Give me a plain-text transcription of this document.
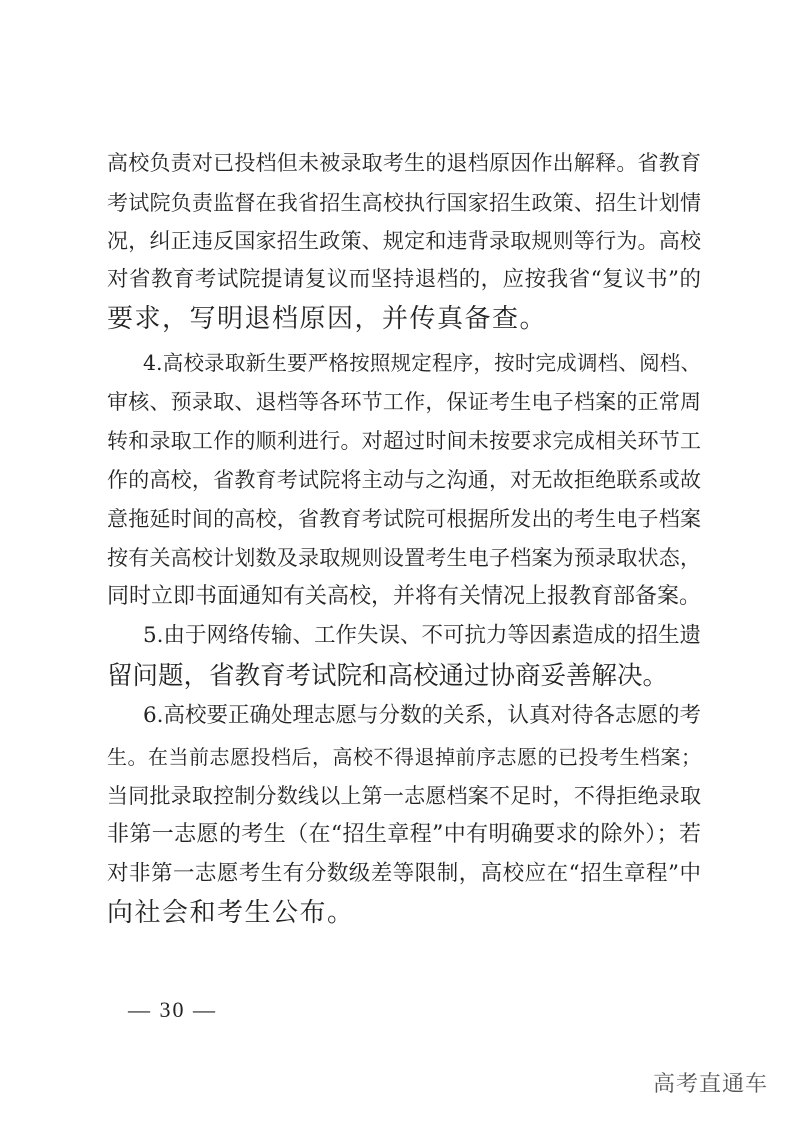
高校负责对已投档但未被录取考生的退档原因作出解释。省教育
考试院负责监督在我省招生高校执行国家招生政策、招生计划情
况，纠正违反国家招生政策、规定和违背录取规则等行为。高校
对省教育考试院提请复议而坚持退档的，应按我省“复议书”的
要求，写明退档原因，并传真备查。
4.高校录取新生要严格按照规定程序，按时完成调档、阅档、
审核、预录取、退档等各环节工作，保证考生电子档案的正常周
转和录取工作的顺利进行。对超过时间未按要求完成相关环节工
作的高校，省教育考试院将主动与之沟通，对无故拒绝联系或故
意拖延时间的高校，省教育考试院可根据所发出的考生电子档案
按有关高校计划数及录取规则设置考生电子档案为预录取状态，
同时立即书面通知有关高校，并将有关情况上报教育部备案。
5.由于网络传输、工作失误、不可抗力等因素造成的招生遗
留问题，省教育考试院和高校通过协商妥善解决。
6.高校要正确处理志愿与分数的关系，认真对待各志愿的考
生。在当前志愿投档后，高校不得退掉前序志愿的已投考生档案；
当同批录取控制分数线以上第一志愿档案不足时，不得拒绝录取
非第一志愿的考生（在“招生章程”中有明确要求的除外）；若
对非第一志愿考生有分数级差等限制，高校应在“招生章程”中
向社会和考生公布。
— 30 —
高考直通车
